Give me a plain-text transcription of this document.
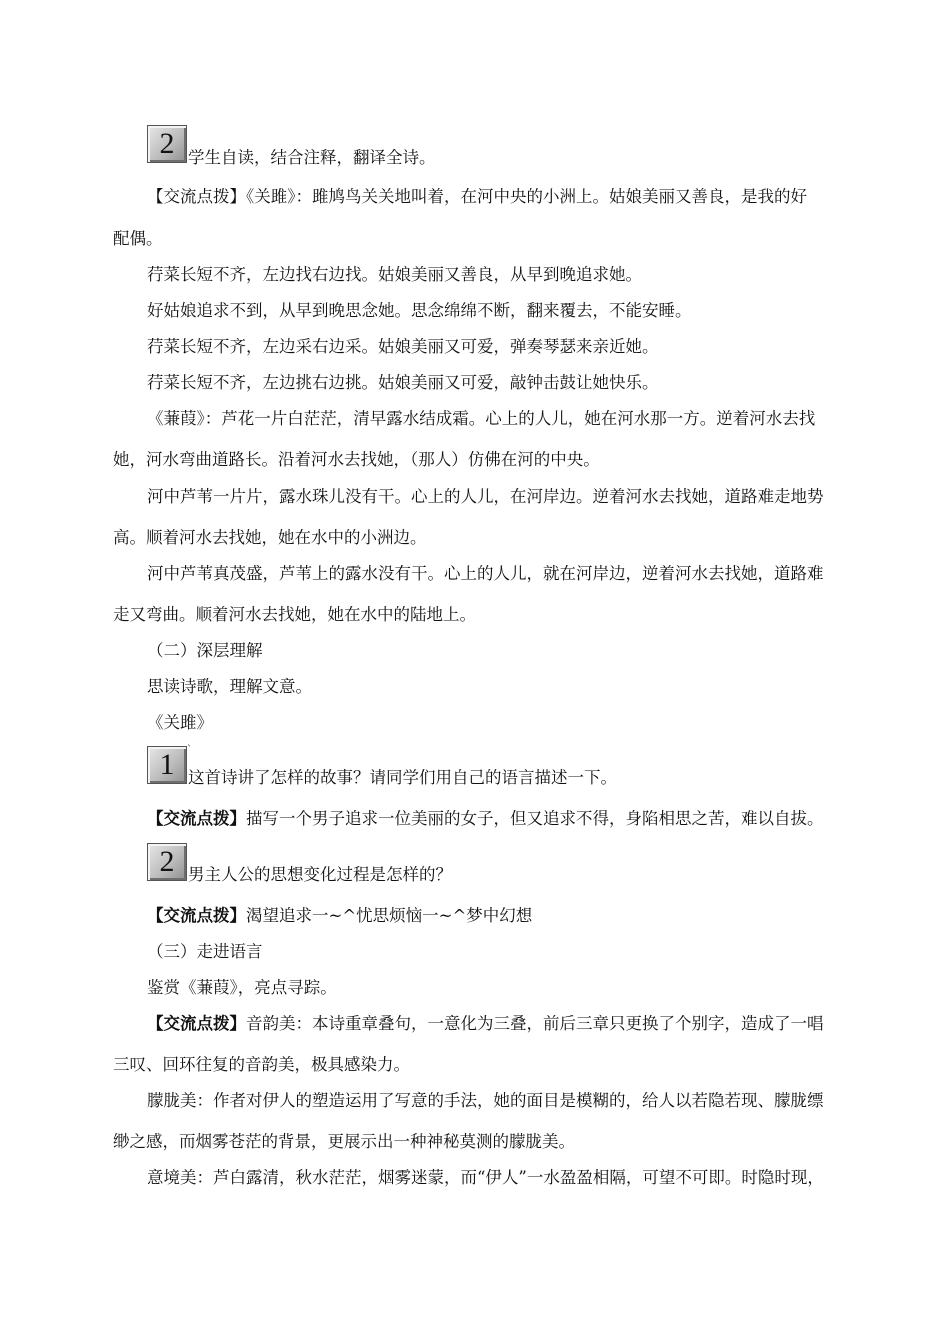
2 学生自读，结合注释，翻译全诗。
【交流点拨】《关雎》：雎鸠鸟关关地叫着，在河中央的小洲上。姑娘美丽又善良，是我的好
配偶。
荇菜长短不齐，左边找右边找。姑娘美丽又善良，从早到晚追求她。
好姑娘追求不到，从早到晚思念她。思念绵绵不断，翻来覆去，不能安睡。
荇菜长短不齐，左边采右边采。姑娘美丽又可爱，弹奏琴瑟来亲近她。
荇菜长短不齐，左边挑右边挑。姑娘美丽又可爱，敲钟击鼓让她快乐。
《蒹葭》：芦花一片白茫茫，清早露水结成霜。心上的人儿，她在河水那一方。逆着河水去找
她，河水弯曲道路长。沿着河水去找她，（那人）仿佛在河的中央。
河中芦苇一片片，露水珠儿没有干。心上的人儿，在河岸边。逆着河水去找她，道路难走地势
高。顺着河水去找她，她在水中的小洲边。
河中芦苇真茂盛，芦苇上的露水没有干。心上的人儿，就在河岸边，逆着河水去找她，道路难
走又弯曲。顺着河水去找她，她在水中的陆地上。
（二）深层理解
思读诗歌，理解文意。
《关雎》
1	`
这首诗讲了怎样的故事？请同学们用自己的语言描述一下。
【交流点拨】描写一个男子追求一位美丽的女子，但又追求不得，身陷相思之苦，难以自拔。
2 男主人公的思想变化过程是怎样的？
【交流点拨】渴望追求一~^忧思烦恼一~^梦中幻想
（三）走进语言
鉴赏《蒹葭》，亮点寻踪。
【交流点拨】音韵美：本诗重章叠句，一意化为三叠，前后三章只更换了个别字，造成了一唱
三叹、回环往复的音韵美，极具感染力。
朦胧美：作者对伊人的塑造运用了写意的手法，她的面目是模糊的，给人以若隐若现、朦胧缥
缈之感，而烟雾苍茫的背景，更展示出一种神秘莫测的朦胧美。
意境美：芦白露清，秋水茫茫，烟雾迷蒙，而“伊人”一水盈盈相隔，可望不可即。时隐时现，
